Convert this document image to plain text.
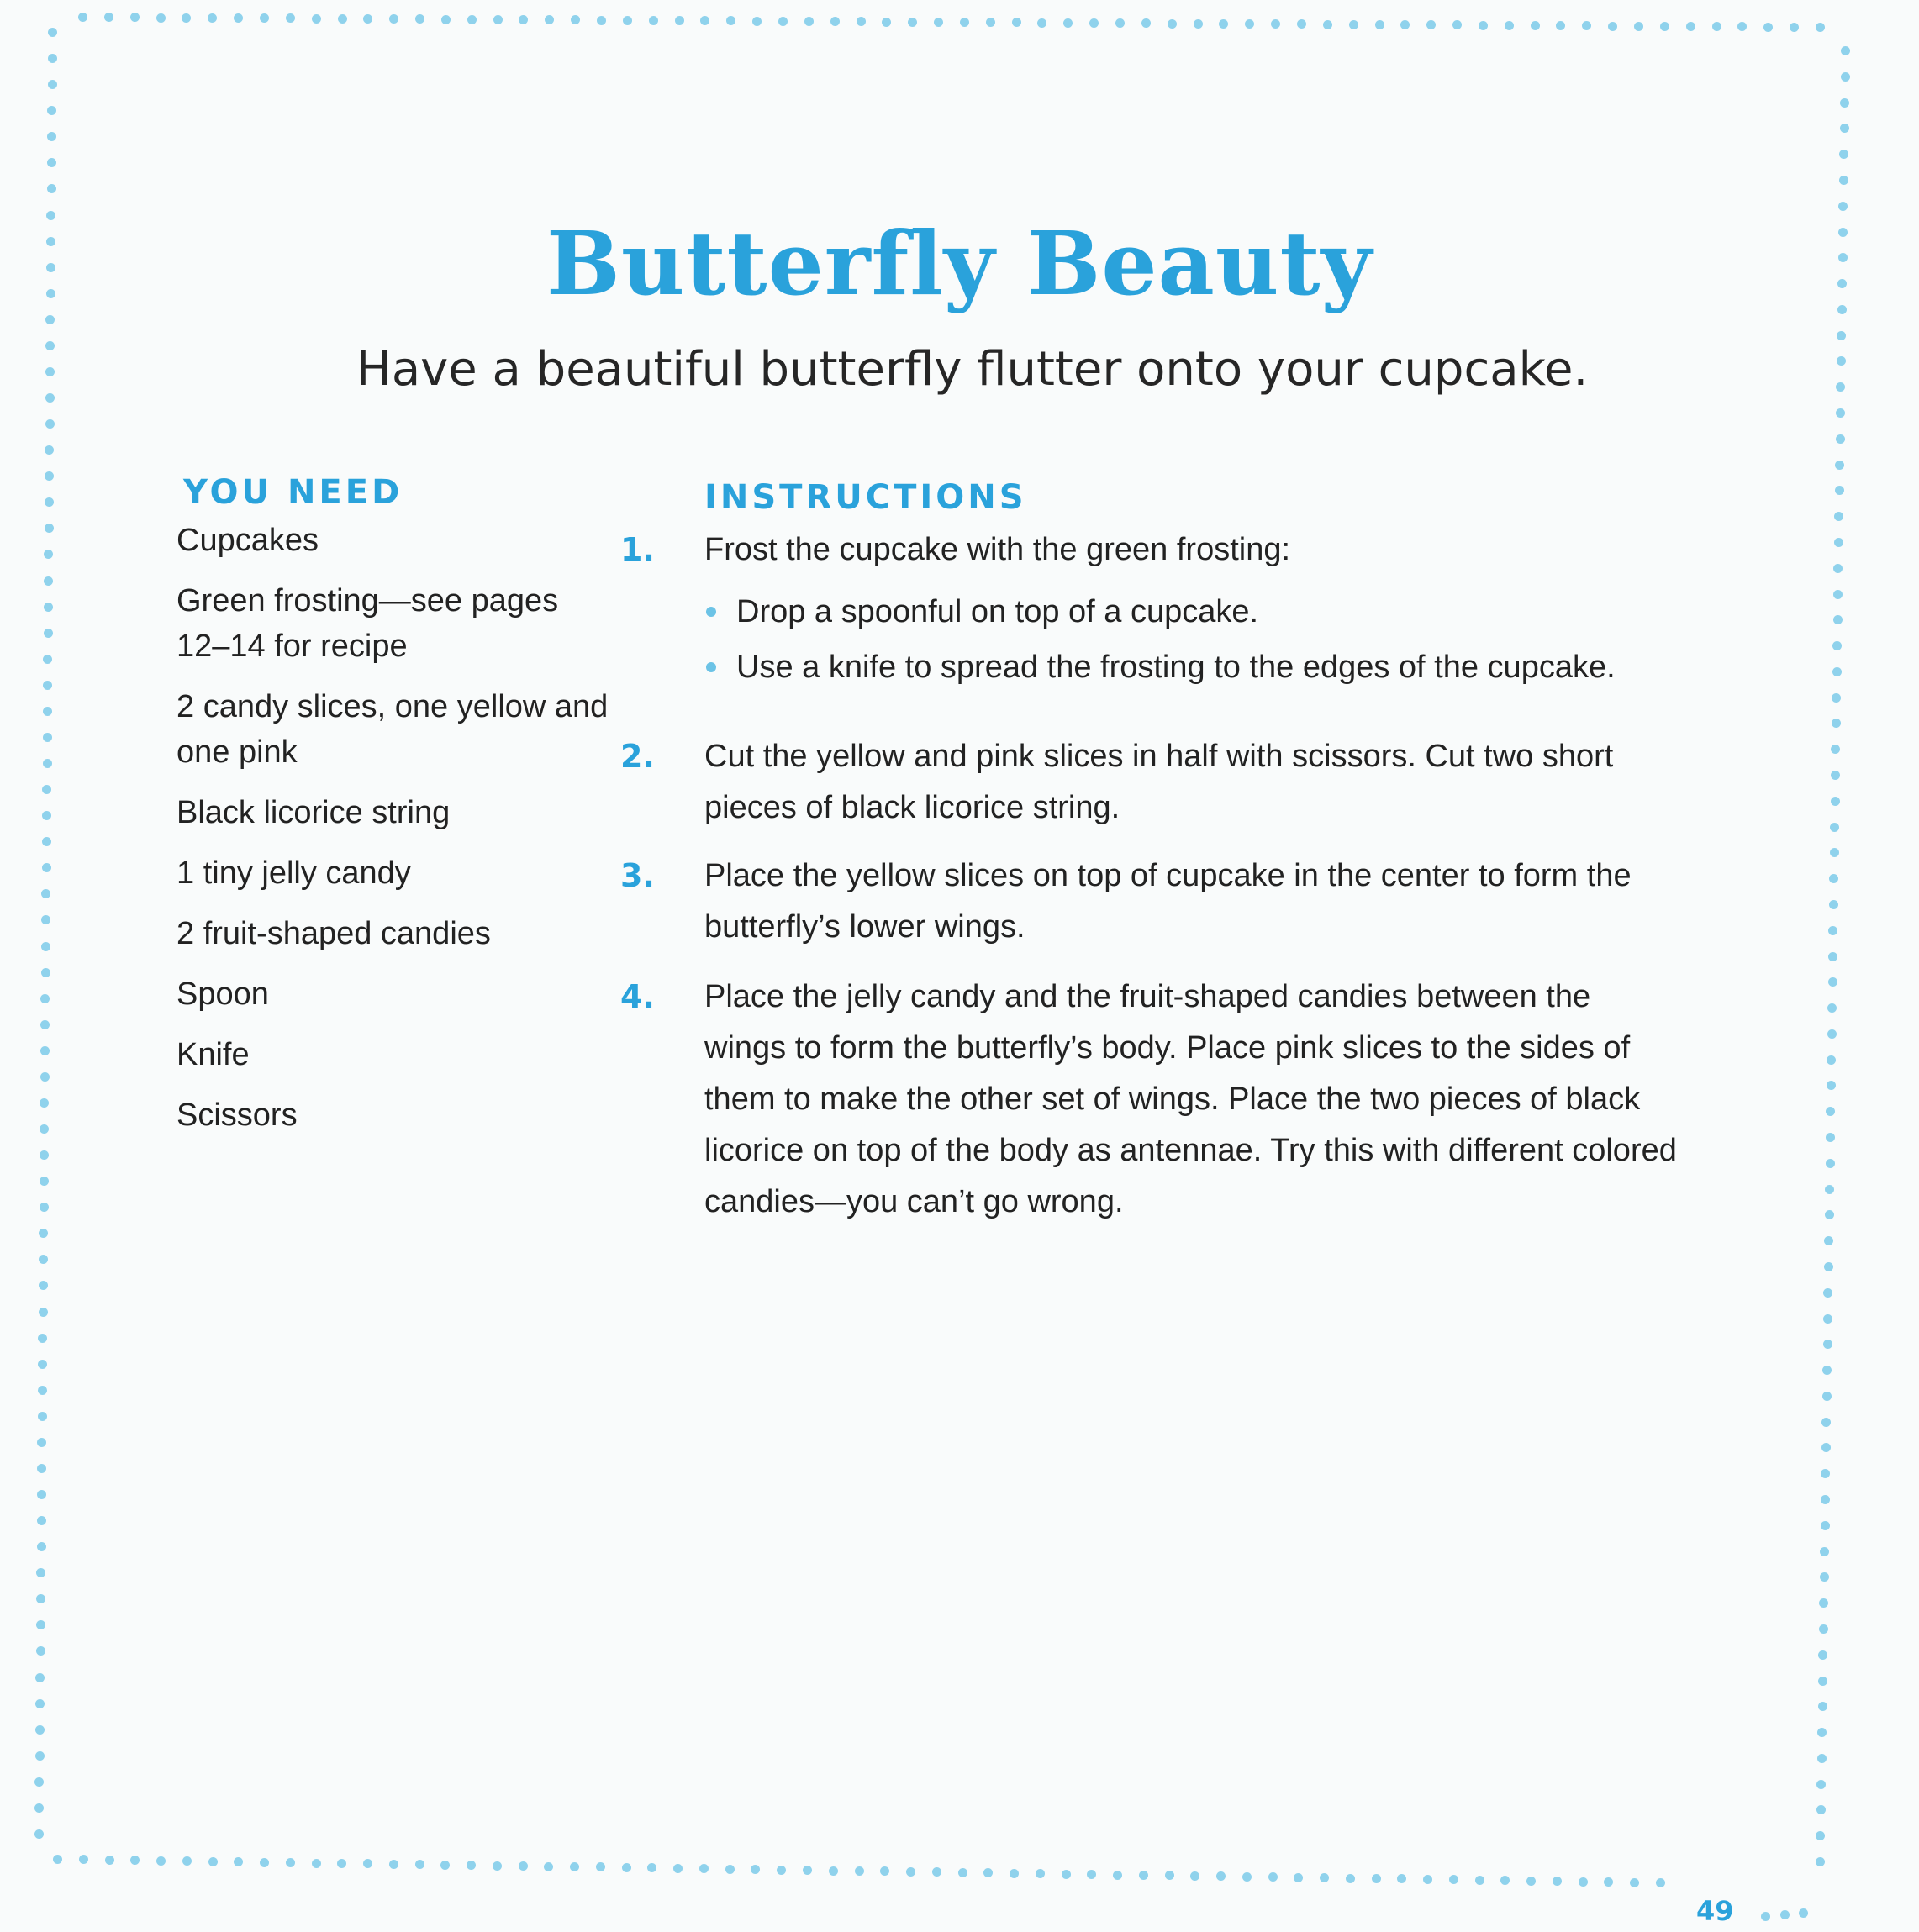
Butterfly Beauty
Have a beautiful butterfly flutter onto your cupcake.
YOU NEED
Cupcakes
Green frosting—see pages 12–14 for recipe
2 candy slices, one yellow and one pink
Black licorice string
1 tiny jelly candy
2 fruit-shaped candies
Spoon
Knife
Scissors
INSTRUCTIONS
1. Frost the cupcake with the green frosting:
Drop a spoonful on top of a cupcake.
Use a knife to spread the frosting to the edges of the cupcake.
2. Cut the yellow and pink slices in half with scissors. Cut two short pieces of black licorice string.
3. Place the yellow slices on top of cupcake in the center to form the butterfly’s lower wings.
4. Place the jelly candy and the fruit-shaped candies between the wings to form the butterfly’s body. Place pink slices to the sides of them to make the other set of wings. Place the two pieces of black licorice on top of the body as antennae. Try this with different colored candies—you can’t go wrong.
49
